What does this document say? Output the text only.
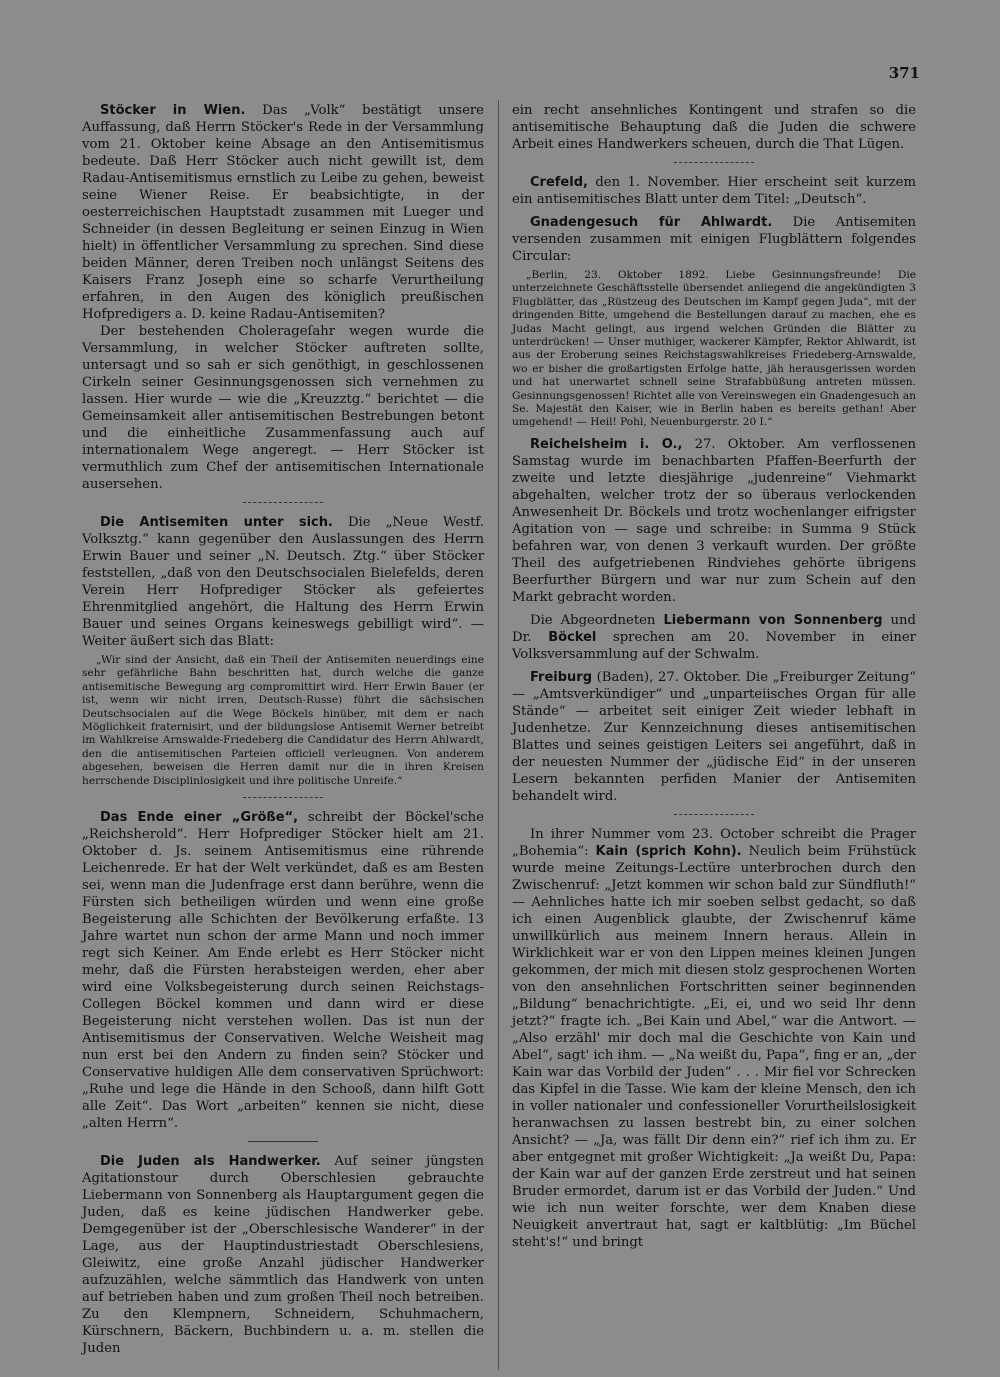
371

Stöcker in Wien. Das „Volk“ bestätigt unsere Auffassung, daß Herrn Stöcker's Rede in der Versammlung vom 21. Oktober keine Absage an den Antisemitismus bedeute. Daß Herr Stöcker auch nicht gewillt ist, dem Radau-Antisemitismus ernstlich zu Leibe zu gehen, beweist seine Wiener Reise. Er beabsichtigte, in der oesterreichischen Hauptstadt zusammen mit Lueger und Schneider (in dessen Begleitung er seinen Einzug in Wien hielt) in öffentlicher Versammlung zu sprechen. Sind diese beiden Männer, deren Treiben noch unlängst Seitens des Kaisers Franz Joseph eine so scharfe Verurtheilung erfahren, in den Augen des königlich preußischen Hofpredigers a. D. keine Radau-Antisemiten?

Der bestehenden Cholerageſahr wegen wurde die Versammlung, in welcher Stöcker auftreten sollte, untersagt und so sah er sich genöthigt, in geschlossenen Cirkeln seiner Gesinnungsgenossen sich vernehmen zu lassen. Hier wurde — wie die „Kreuzztg.“ berichtet — die Gemeinsamkeit aller antisemitischen Bestrebungen betont und die einheitliche Zusammenfassung auch auf internationalem Wege angeregt. — Herr Stöcker ist vermuthlich zum Chef der antisemitischen Internationale ausersehen.

Die Antisemiten unter sich. Die „Neue Westf. Volksztg.“ kann gegenüber den Auslassungen des Herrn Erwin Bauer und seiner „N. Deutsch. Ztg.“ über Stöcker feststellen, „daß von den Deutschsocialen Bielefelds, deren Verein Herr Hofprediger Stöcker als gefeiertes Ehrenmitglied angehört, die Haltung des Herrn Erwin Bauer und seines Organs keineswegs gebilligt wird“. — Weiter äußert sich das Blatt:

„Wir sind der Ansicht, daß ein Theil der Antisemiten neuerdings eine sehr gefährliche Bahn beschritten hat, durch welche die ganze antisemitische Bewegung arg compromittirt wird. Herr Erwin Bauer (er ist, wenn wir nicht irren, Deutsch-Russe) führt die sächsischen Deutschsocialen auf die Wege Böckels hinüber, mit dem er nach Möglichkeit fraternisirt, und der bildungslose Antisemit Werner betreibt im Wahlkreise Arnswalde-Friedeberg die Candidatur des Herrn Ahlwardt, den die antisemitischen Parteien officiell verleugnen. Von anderem abgesehen, beweisen die Herren damit nur die in ihren Kreisen herrschende Disciplinlosigkeit und ihre politische Unreife.“

Das Ende einer „Größe“, schreibt der Böckel'sche „Reichsherold“. Herr Hofprediger Stöcker hielt am 21. Oktober d. Js. seinem Antisemitismus eine rührende Leichenrede. Er hat der Welt verkündet, daß es am Besten sei, wenn man die Judenfrage erst dann berühre, wenn die Fürsten sich betheiligen würden und wenn eine große Begeisterung alle Schichten der Bevölkerung erfaßte. 13 Jahre wartet nun schon der arme Mann und noch immer regt sich Keiner. Am Ende erlebt es Herr Stöcker nicht mehr, daß die Fürsten herabsteigen werden, eher aber wird eine Volksbegeisterung durch seinen Reichstags-Collegen Böckel kommen und dann wird er diese Begeisterung nicht verstehen wollen. Das ist nun der Antisemitismus der Conservativen. Welche Weisheit mag nun erst bei den Andern zu finden sein? Stöcker und Conservative huldigen Alle dem conservativen Sprüchwort: „Ruhe und lege die Hände in den Schooß, dann hilft Gott alle Zeit“. Das Wort „arbeiten“ kennen sie nicht, diese „alten Herrn“.

Die Juden als Handwerker. Auf seiner jüngsten Agitationstour durch Oberschlesien gebrauchte Liebermann von Sonnenberg als Hauptargument gegen die Juden, daß es keine jüdischen Handwerker gebe. Demgegenüber ist der „Oberschlesische Wanderer“ in der Lage, aus der Hauptindustriestadt Oberschlesiens, Gleiwitz, eine große Anzahl jüdischer Handwerker aufzuzählen, welche sämmtlich das Handwerk von unten auf betrieben haben und zum großen Theil noch betreiben. Zu den Klempnern, Schneidern, Schuhmachern, Kürschnern, Bäckern, Buchbindern u. a. m. stellen die Juden

ein recht ansehnliches Kontingent und strafen so die antisemitische Behauptung daß die Juden die schwere Arbeit eines Handwerkers scheuen, durch die That Lügen.

Crefeld, den 1. November. Hier erscheint seit kurzem ein antisemitisches Blatt unter dem Titel: „Deutsch“.

Gnadengesuch für Ahlwardt. Die Antisemiten versenden zusammen mit einigen Flugblättern folgendes Circular:

„Berlin, 23. Oktober 1892. Liebe Gesinnungsfreunde! Die unterzeichnete Geschäftsstelle übersendet anliegend die angekündigten 3 Flugblätter, das „Rüstzeug des Deutschen im Kampf gegen Juda“, mit der dringenden Bitte, umgehend die Bestellungen darauf zu machen, ehe es Judas Macht gelingt, aus irgend welchen Gründen die Blätter zu unterdrücken! — Unser muthiger, wackerer Kämpfer, Rektor Ahlwardt, ist aus der Eroberung seines Reichstagswahlkreises Friedeberg-Arnswalde, wo er bisher die großartigsten Erfolge hatte, jäh herausgerissen worden und hat unerwartet schnell seine Strafabbüßung antreten müssen. Gesinnungsgenossen! Richtet alle von Vereinswegen ein Gnadengesuch an Se. Majestät den Kaiser, wie in Berlin haben es bereits gethan! Aber umgehend! — Heil! Pohl, Neuenburgerstr. 20 I.“

Reichelsheim i. O., 27. Oktober. Am verflossenen Samstag wurde im benachbarten Pfaffen-Beerfurth der zweite und letzte diesjährige „judenreine“ Viehmarkt abgehalten, welcher trotz der so überaus verlockenden Anwesenheit Dr. Böckels und trotz wochenlanger eifrigster Agitation von — sage und schreibe: in Summa 9 Stück befahren war, von denen 3 verkauft wurden. Der größte Theil des aufgetriebenen Rindviehes gehörte übrigens Beerfurther Bürgern und war nur zum Schein auf den Markt gebracht worden.

Die Abgeordneten Liebermann von Sonnenberg und Dr. Böckel sprechen am 20. November in einer Volksversammlung auf der Schwalm.

Freiburg (Baden), 27. Oktober. Die „Freiburger Zeitung“ — „Amtsverkündiger“ und „unparteiisches Organ für alle Stände“ — arbeitet seit einiger Zeit wieder lebhaft in Judenhetze. Zur Kennzeichnung dieses antisemitischen Blattes und seines geistigen Leiters sei angeführt, daß in der neuesten Nummer der „jüdische Eid“ in der unseren Lesern bekannten perfiden Manier der Antisemiten behandelt wird.

In ihrer Nummer vom 23. October schreibt die Prager „Bohemia“: Kain (sprich Kohn). Neulich beim Frühstück wurde meine Zeitungs-Lectüre unterbrochen durch den Zwischenruf: „Jetzt kommen wir schon bald zur Sündfluth!“ — Aehnliches hatte ich mir soeben selbst gedacht, so daß ich einen Augenblick glaubte, der Zwischenruf käme unwillkürlich aus meinem Innern heraus. Allein in Wirklichkeit war er von den Lippen meines kleinen Jungen gekommen, der mich mit diesen stolz gesprochenen Worten von den ansehnlichen Fortschritten seiner beginnenden „Bildung“ benachrichtigte. „Ei, ei, und wo seid Ihr denn jetzt?“ fragte ich. „Bei Kain und Abel,“ war die Antwort. — „Also erzähl' mir doch mal die Geschichte von Kain und Abel“, sagt' ich ihm. — „Na weißt du, Papa“, fing er an, „der Kain war das Vorbild der Juden“ . . . Mir fiel vor Schrecken das Kipfel in die Tasse. Wie kam der kleine Mensch, den ich in voller nationaler und confessioneller Vorurtheilslosigkeit heranwachsen zu lassen bestrebt bin, zu einer solchen Ansicht? — „Ja, was fällt Dir denn ein?“ rief ich ihm zu. Er aber entgegnet mit großer Wichtigkeit: „Ja weißt Du, Papa: der Kain war auf der ganzen Erde zerstreut und hat seinen Bruder ermordet, darum ist er das Vorbild der Juden.“ Und wie ich nun weiter forschte, wer dem Knaben diese Neuigkeit anvertraut hat, sagt er kaltblütig: „Im Büchel steht's!“ und bringt
